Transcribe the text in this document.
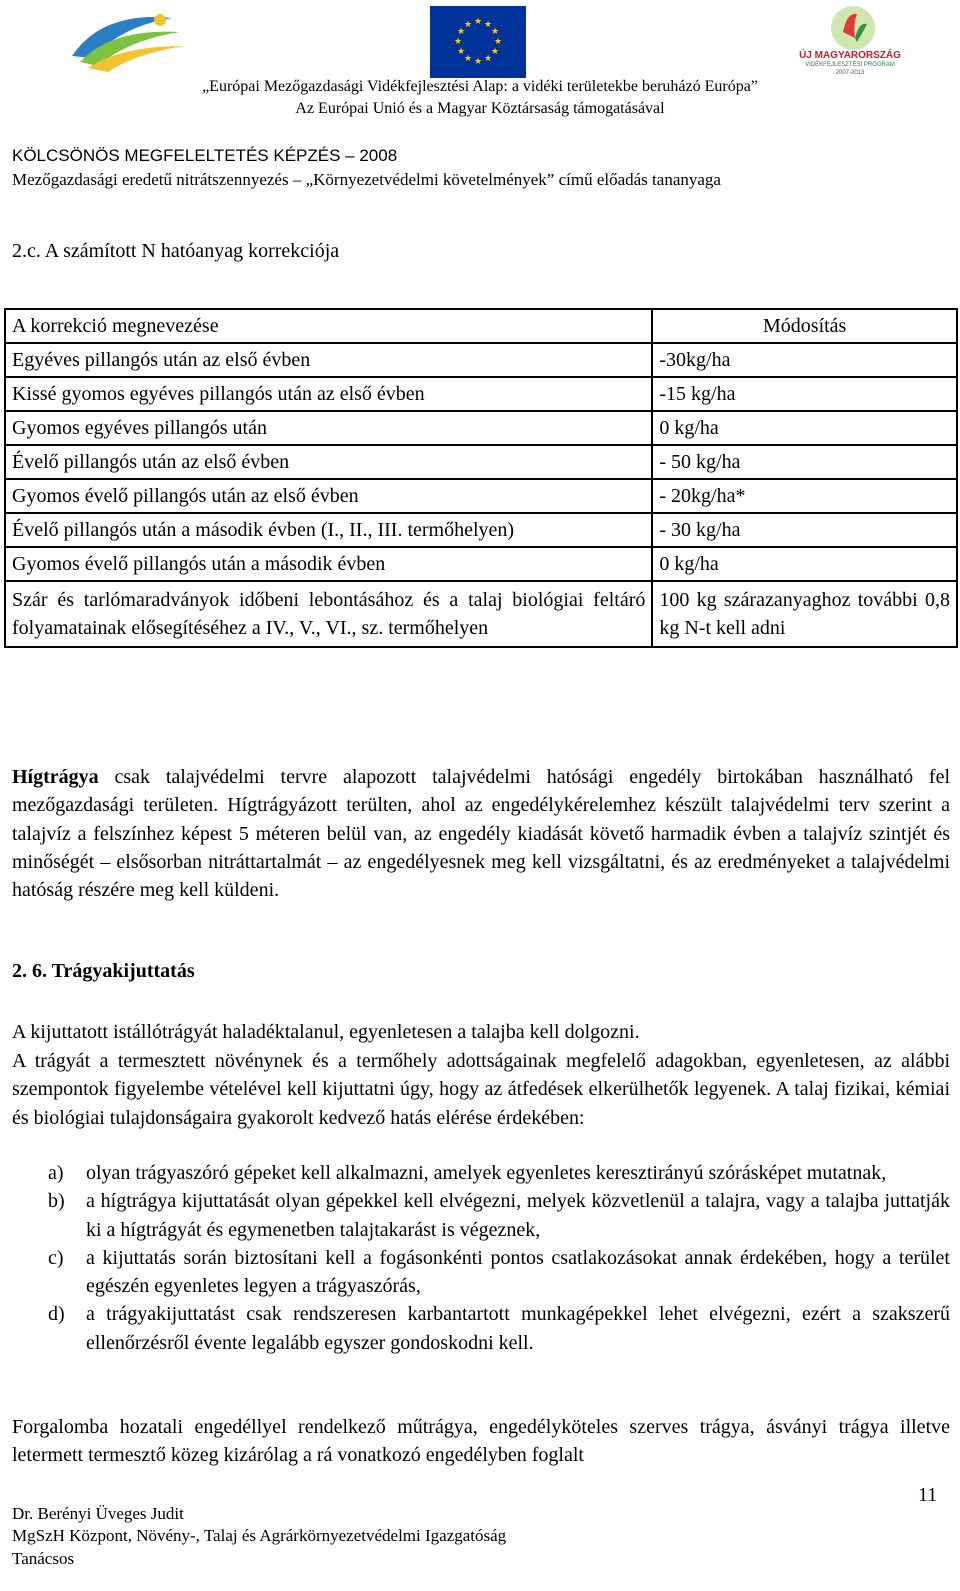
★ ★
★
★
★
★
★
★
★
★
★
★
ÚJ MAGYARORSZÁG
VIDÉKFEJLESZTÉSI PROGRAM
2007-2013
„Európai Mezőgazdasági Vidékfejlesztési Alap: a vidéki területekbe beruházó Európa”
Az Európai Unió és a Magyar Köztársaság támogatásával
KÖLCSÖNÖS MEGFELELTETÉS KÉPZÉS – 2008
Mezőgazdasági eredetű nitrátszennyezés – „Környezetvédelmi követelmények” című előadás tananyaga
2.c. A számított N hatóanyag korrekciója
A korrekció megnevezése	Módosítás
Egyéves pillangós után az első évben	-30kg/ha
Kissé gyomos egyéves pillangós után az első évben	-15 kg/ha
Gyomos egyéves pillangós után	0 kg/ha
Évelő pillangós után az első évben	- 50 kg/ha
Gyomos évelő pillangós után az első évben	- 20kg/ha*
Évelő pillangós után a második évben (I., II., III. termőhelyen)	- 30 kg/ha
Gyomos évelő pillangós után a második évben	0 kg/ha
Szár és tarlómaradványok időbeni lebontásához és a talaj biológiai feltáró folyamatainak elősegítéséhez a IV., V., VI., sz. termőhelyen	100 kg szárazanyaghoz további 0,8 kg N-t kell adni
Hígtrágya csak talajvédelmi tervre alapozott talajvédelmi hatósági engedély birtokában használható fel mezőgazdasági területen. Hígtrágyázott terülten, ahol az engedélykérelemhez készült talajvédelmi terv szerint a talajvíz a felszínhez képest 5 méteren belül van, az engedély kiadását követő harmadik évben a talajvíz szintjét és minőségét – elsősorban nitráttartalmát – az engedélyesnek meg kell vizsgáltatni, és az eredményeket a talajvédelmi hatóság részére meg kell küldeni.
2. 6. Trágyakijuttatás
A kijuttatott istállótrágyát haladéktalanul, egyenletesen a talajba kell dolgozni.
A trágyát a termesztett növénynek és a termőhely adottságainak megfelelő adagokban, egyenletesen, az alábbi szempontok figyelembe vételével kell kijuttatni úgy, hogy az átfedések elkerülhetők legyenek. A talaj fizikai, kémiai és biológiai tulajdonságaira gyakorolt kedvező hatás elérése érdekében:
a) olyan trágyaszóró gépeket kell alkalmazni, amelyek egyenletes keresztirányú szórásképet mutatnak,
b) a hígtrágya kijuttatását olyan gépekkel kell elvégezni, melyek közvetlenül a talajra, vagy a talajba juttatják ki a hígtrágyát és egymenetben talajtakarást is végeznek,
c) a kijuttatás során biztosítani kell a fogásonkénti pontos csatlakozásokat annak érdekében, hogy a terület egészén egyenletes legyen a trágyaszórás,
d) a trágyakijuttatást csak rendszeresen karbantartott munkagépekkel lehet elvégezni, ezért a szakszerű ellenőrzésről évente legalább egyszer gondoskodni kell.
Forgalomba hozatali engedéllyel rendelkező műtrágya, engedélyköteles szerves trágya, ásványi trágya illetve letermett termesztő közeg kizárólag a rá vonatkozó engedélyben foglalt
11
Dr. Berényi Üveges Judit
MgSzH Központ, Növény-, Talaj és Agrárkörnyezetvédelmi Igazgatóság
Tanácsos
